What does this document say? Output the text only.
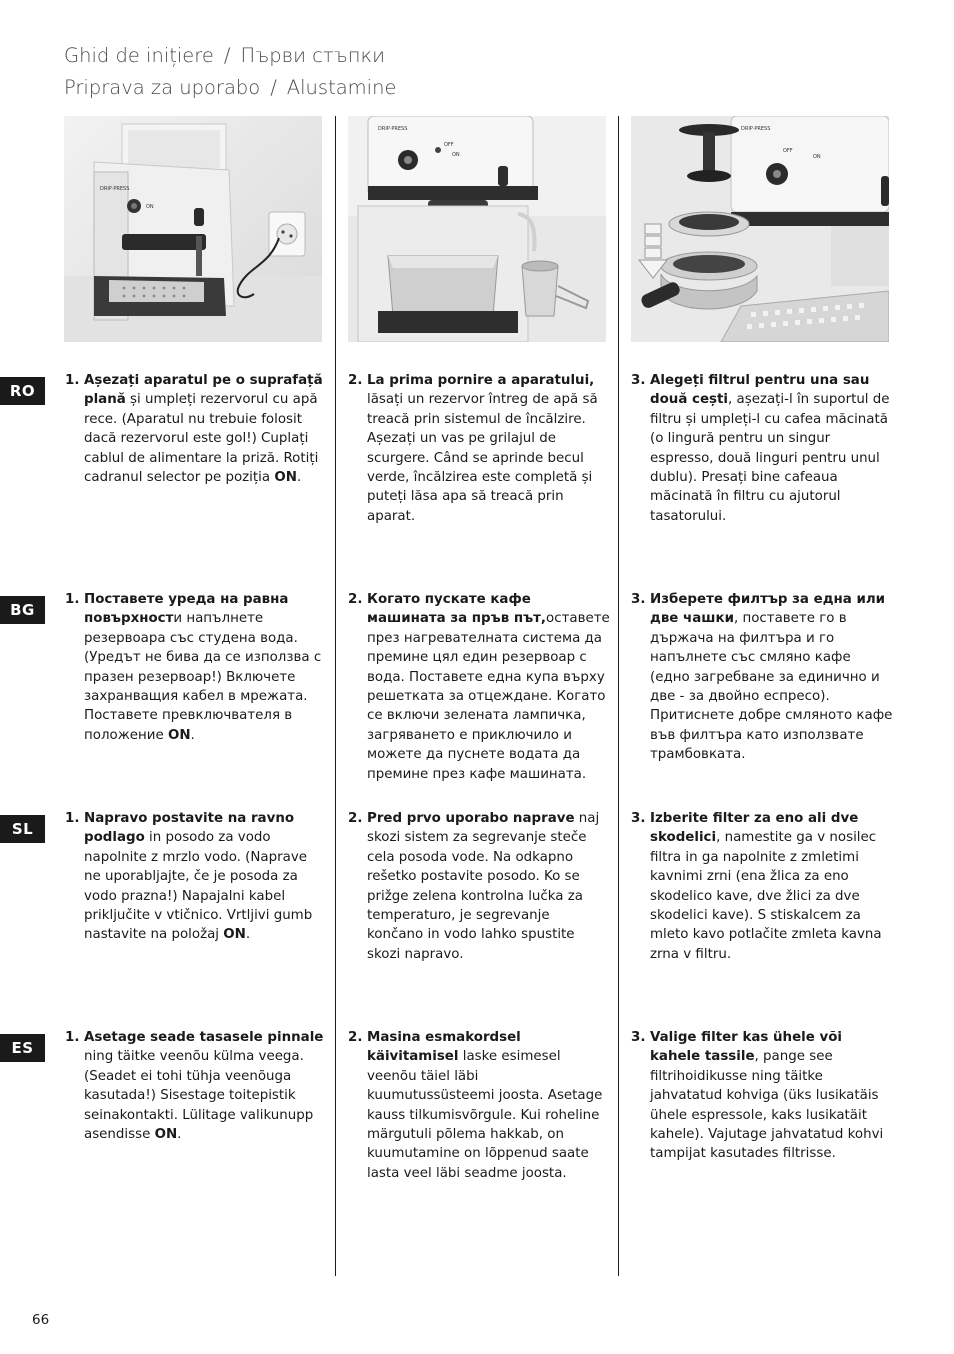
Ghid de inițiere / Първи стъпки
Priprava za uporabo / Alustamine
DRIP·PRESS
ON
DRIP·PRESS
OFF
ON
DRIP·PRESS
OFF
ON
RO
BG
SL
ES
1. Așezați aparatul pe o suprafață plană și umpleți rezervorul cu apă rece. (Aparatul nu trebuie folosit dacă rezervorul este gol!) Cuplați cablul de alimentare la priză. Rotiți cadranul selector pe poziția ON.
2. La prima pornire a aparatului, lăsați un rezervor întreg de apă să treacă prin sistemul de încălzire. Așezați un vas pe grilajul de scurgere. Când se aprinde becul verde, încălzirea este completă și puteți lăsa apa să treacă prin aparat.
3. Alegeți filtrul pentru una sau două cești, așezați-l în suportul de filtru și umpleți-l cu cafea măcinată (o lingură pentru un singur espresso, două linguri pentru unul dublu). Presați bine cafeaua măcinată în filtru cu ajutorul tasatorului.
1. Поставете уреда на равна повърхности напълнете резервоара със студена вода. (Уредът не бива да се използва с празен резервоар!) Включете захранващия кабел в мрежата. Поставете превключвателя в положение ON.
2. Когато пускате кафе машината за пръв път,оставете през нагревателната система да премине цял един резервоар с вода. Поставете една купа върху решетката за отцеждане. Когато се включи зелената лампичка, загряването е приключило и можете да пуснете водата да премине през кафе машината.
3. Изберете филтър за една или две чашки, поставете го в държача на филтъра и го напълнете със смляно кафе (едно загребване за единично и две - за двойно еспресо). Притиснете добре смляното кафе във филтъра като използвате трамбовката.
1. Napravo postavite na ravno podlago in posodo za vodo napolnite z mrzlo vodo. (Naprave ne uporabljajte, če je posoda za vodo prazna!) Napajalni kabel priključite v vtičnico. Vrtljivi gumb nastavite na položaj ON.
2. Pred prvo uporabo naprave naj skozi sistem za segrevanje steče cela posoda vode. Na odkapno rešetko postavite posodo. Ko se prižge zelena kontrolna lučka za temperaturo, je segrevanje končano in vodo lahko spustite skozi napravo.
3. Izberite filter za eno ali dve skodelici, namestite ga v nosilec filtra in ga napolnite z zmletimi kavnimi zrni (ena žlica za eno skodelico kave, dve žlici za dve skodelici kave). S stiskalcem za mleto kavo potlačite zmleta kavna zrna v filtru.
1. Asetage seade tasasele pinnale ning täitke veenõu külma veega. (Seadet ei tohi tühja veenõuga kasutada!) Sisestage toitepistik seinakontakti. Lülitage valikunupp asendisse ON.
2. Masina esmakordsel käivitamisel laske esimesel veenõu täiel läbi kuumutussüsteemi joosta. Asetage kauss tilkumisvõrgule. Kui roheline märgutuli põlema hakkab, on kuumutamine on lõppenud saate lasta veel läbi seadme joosta.
3. Valige filter kas ühele või kahele tassile, pange see filtrihoidikusse ning täitke jahvatatud kohviga (üks lusikatäis ühele espressole, kaks lusikatäit kahele). Vajutage jahvatatud kohvi tampijat kasutades filtrisse.
66
